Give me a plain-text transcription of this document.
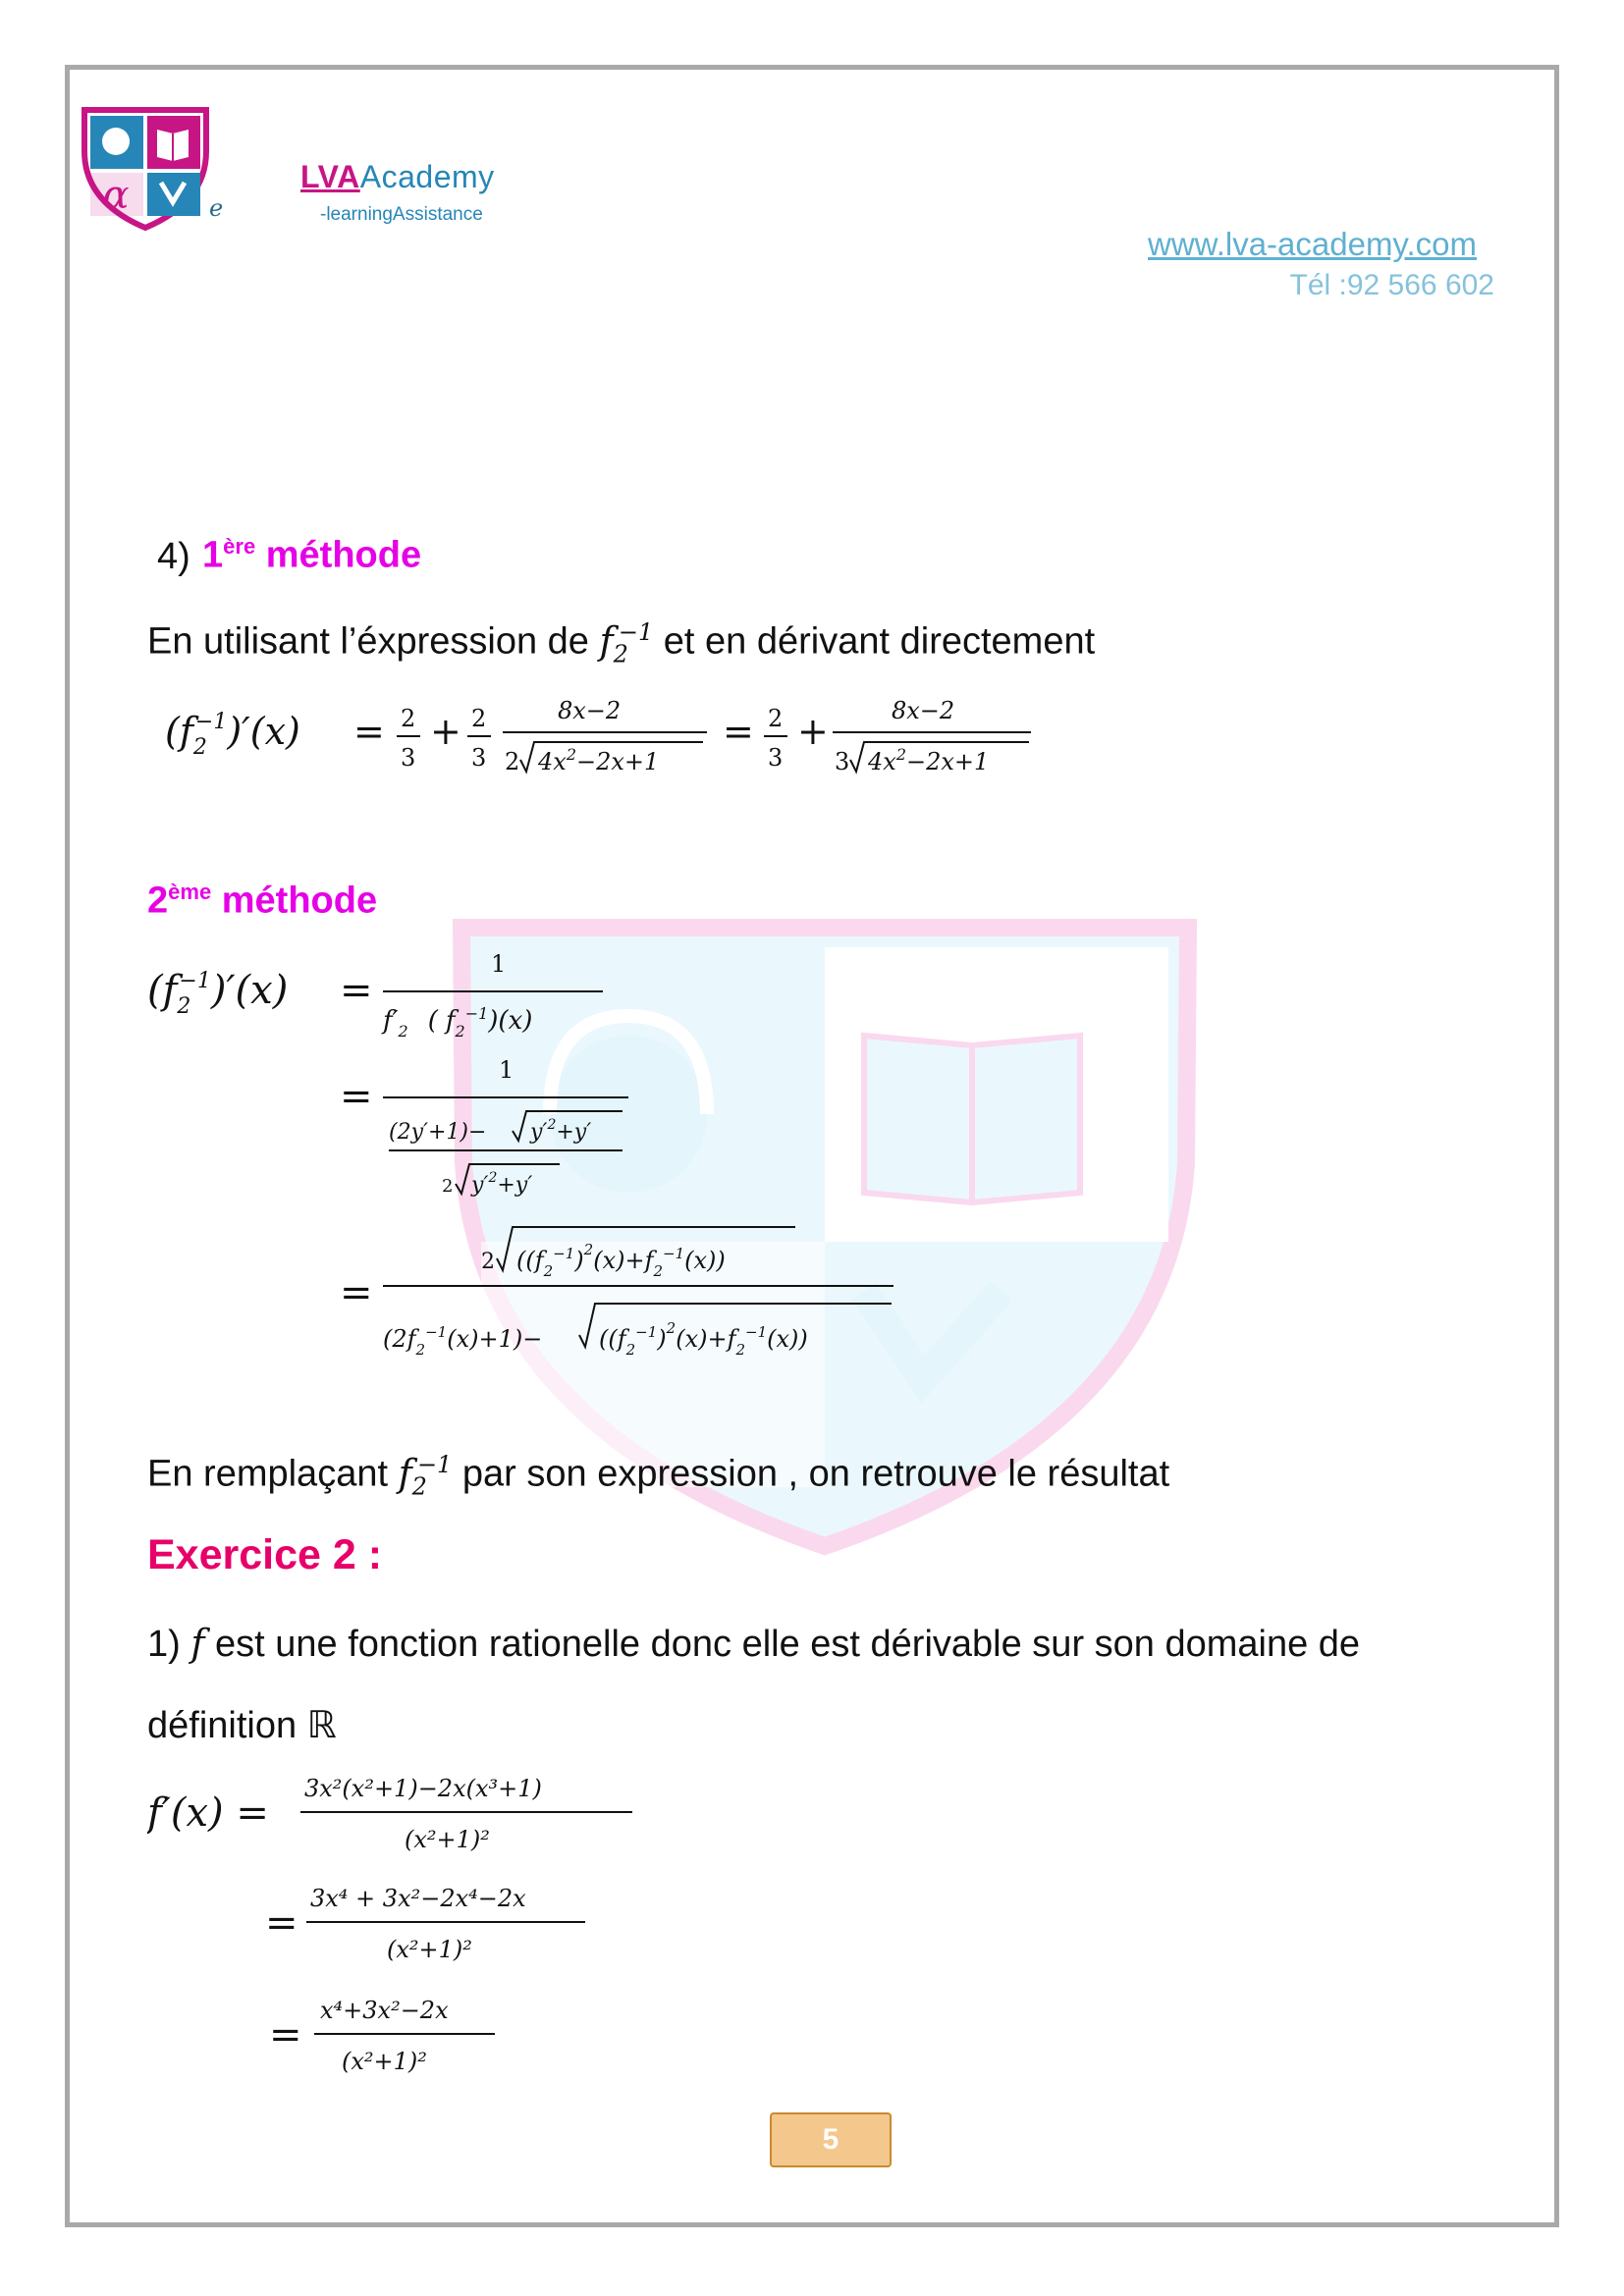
α	e
LVAAcademy
-learningAssistance
www.lva-academy.com
Tél :92 566 602
4) 1ère méthode
En utilisant l’éxpression de $f_2^{-1}$ et en dérivant directement
$(f_2-1)'(x) = 2$
3
+ 2
3
8x−2
2 $4x^2-2x+1$
= 2
3
+	8x−2
3 $4x^2-2x+1$
2ème méthode
$(f_2-1)'(x)$ =
1
$f'_2$ ( $f_2^{-1})(x)$
=
1
$(2y'+1)- y'^2+y'$
2 $y'^2+y'$
=
2 $((f_2^{-1})^2(x)+f_2^{-1}(x))$
$(2f_2^{-1}(x)+1)- ((f_2^{-1})^2(x)+f_2^{-1}(x))$
En remplaçant $f_2^{-1}$ par son expression , on retrouve le résultat
Exercice 2 :
1) f est une fonction rationelle donc elle est dérivable sur son domaine de
définition ℝ
f′(x) =
3x²(x²+1)−2x(x³+1)
(x²+1)²
=
3x⁴ + 3x²−2x⁴−2x
(x²+1)²
=
x⁴+3x²−2x
(x²+1)²
5
